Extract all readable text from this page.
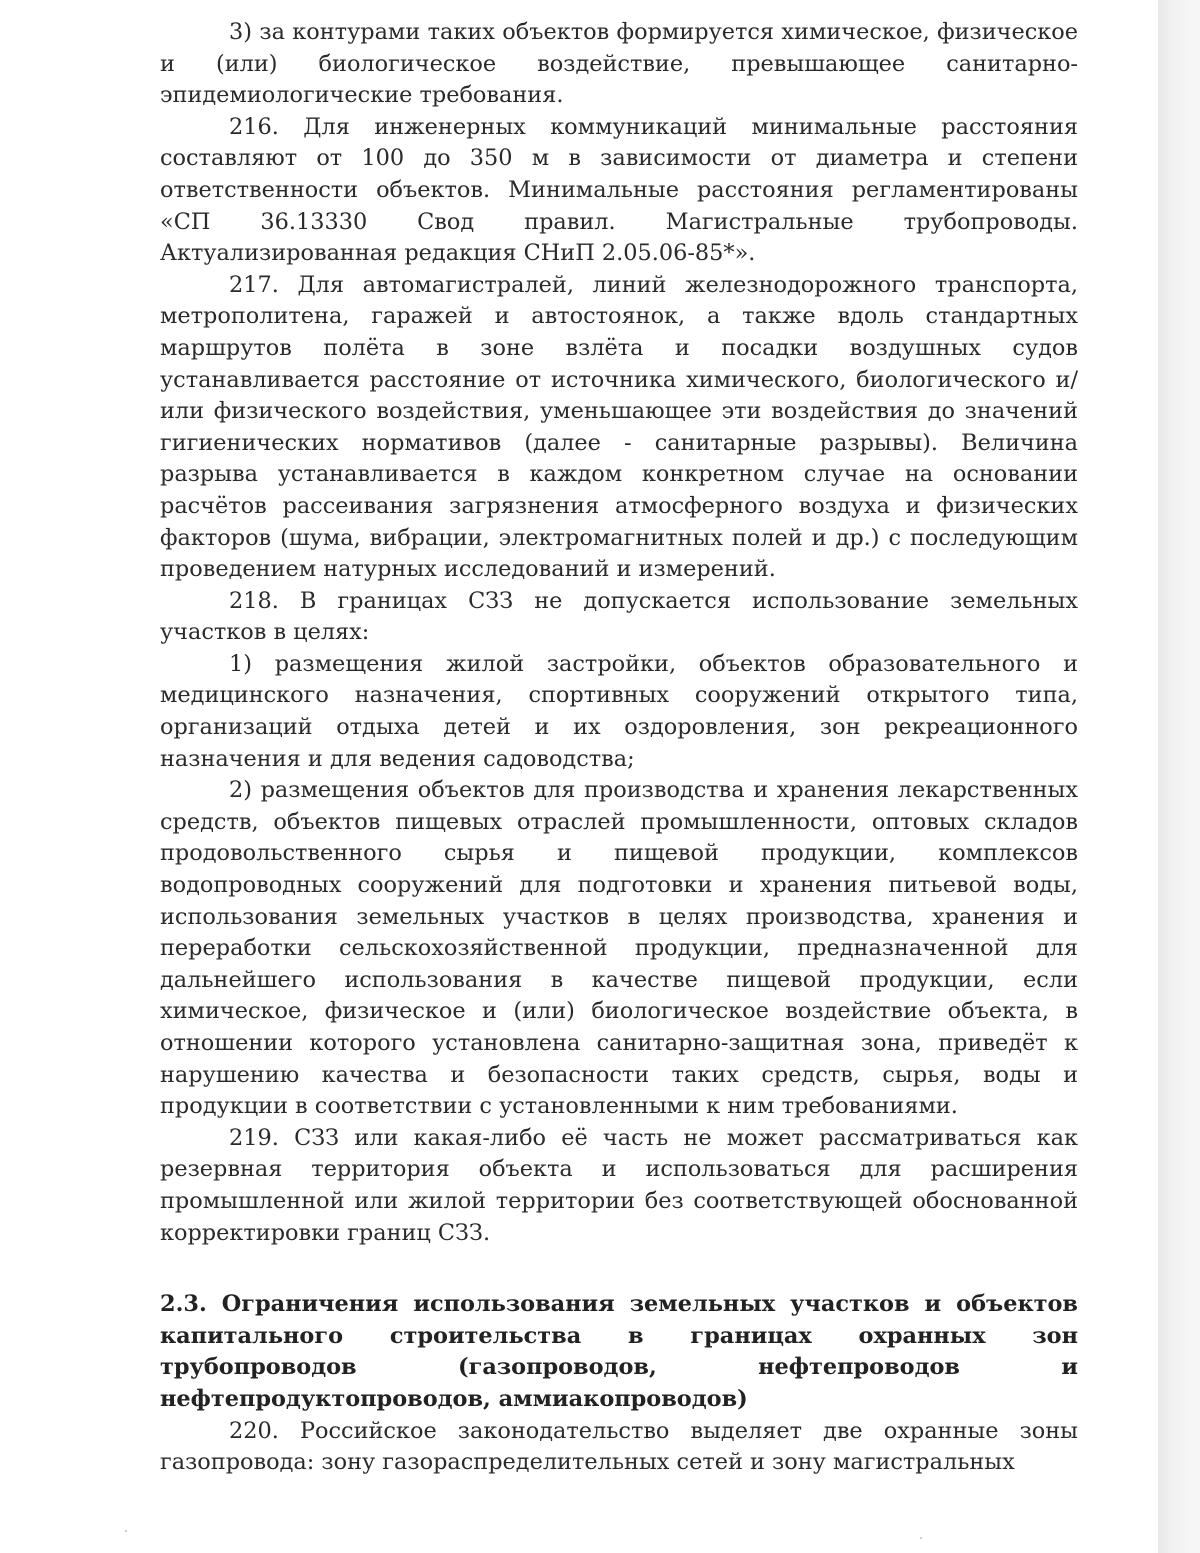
3) за контурами таких объектов формируется химическое, физическое и (или) биологическое воздействие, превышающее санитарно-эпидемиологические требования.

216. Для инженерных коммуникаций минимальные расстояния составляют от 100 до 350 м в зависимости от диаметра и степени ответственности объектов. Минимальные расстояния регламентированы «СП 36.13330 Свод правил. Магистральные трубопроводы. Актуализированная редакция СНиП 2.05.06-85*».

217. Для автомагистралей, линий железнодорожного транспорта, метрополитена, гаражей и автостоянок, а также вдоль стандартных маршрутов полёта в зоне взлёта и посадки воздушных судов устанавливается расстояние от источника химического, биологического и/или физического воздействия, уменьшающее эти воздействия до значений гигиенических нормативов (далее - санитарные разрывы). Величина разрыва устанавливается в каждом конкретном случае на основании расчётов рассеивания загрязнения атмосферного воздуха и физических факторов (шума, вибрации, электромагнитных полей и др.) с последующим проведением натурных исследований и измерений.

218. В границах СЗЗ не допускается использование земельных участков в целях:

1) размещения жилой застройки, объектов образовательного и медицинского назначения, спортивных сооружений открытого типа, организаций отдыха детей и их оздоровления, зон рекреационного назначения и для ведения садоводства;

2) размещения объектов для производства и хранения лекарственных средств, объектов пищевых отраслей промышленности, оптовых складов продовольственного сырья и пищевой продукции, комплексов водопроводных сооружений для подготовки и хранения питьевой воды, использования земельных участков в целях производства, хранения и переработки сельскохозяйственной продукции, предназначенной для дальнейшего использования в качестве пищевой продукции, если химическое, физическое и (или) биологическое воздействие объекта, в отношении которого установлена санитарно-защитная зона, приведёт к нарушению качества и безопасности таких средств, сырья, воды и продукции в соответствии с установленными к ним требованиями.

219. СЗЗ или какая-либо её часть не может рассматриваться как резервная территория объекта и использоваться для расширения промышленной или жилой территории без соответствующей обоснованной корректировки границ СЗЗ.

2.3. Ограничения использования земельных участков и объектов капитального строительства в границах охранных зон трубопроводов (газопроводов, нефтепроводов и нефтепродуктопроводов, аммиакопроводов)

220. Российское законодательство выделяет две охранные зоны газопровода: зону газораспределительных сетей и зону магистральных
